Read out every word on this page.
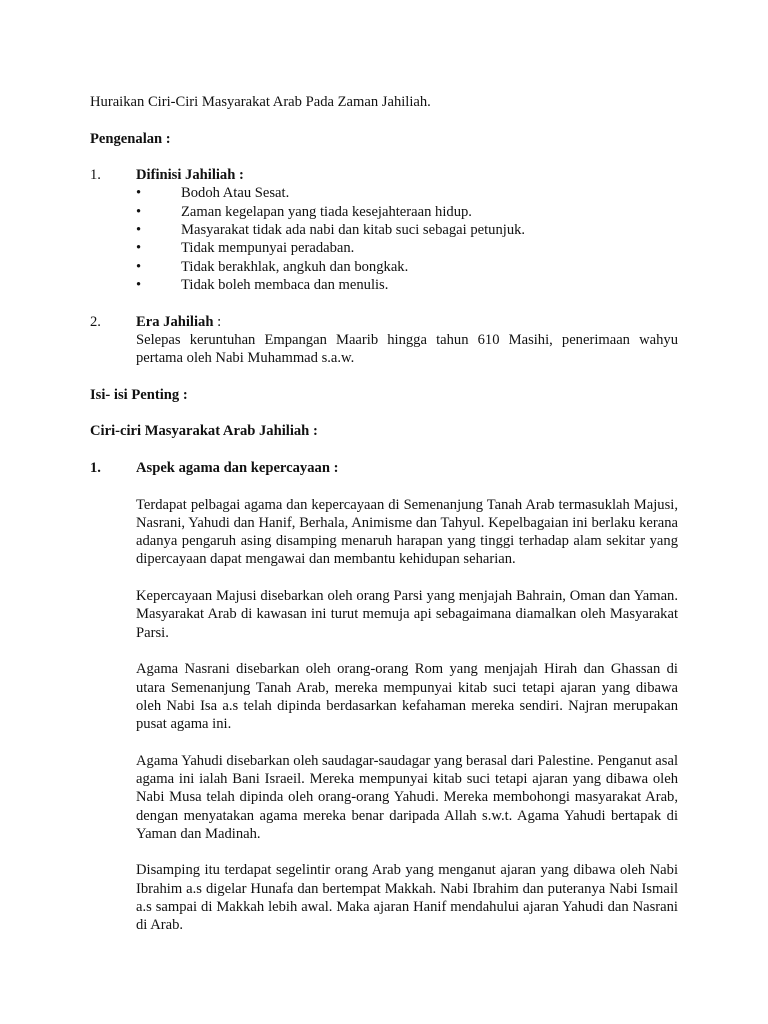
Huraikan Ciri-Ciri Masyarakat Arab Pada Zaman Jahiliah.
Pengenalan :
1.	Difinisi Jahiliah :
•	Bodoh Atau Sesat.
•	Zaman kegelapan yang tiada kesejahteraan hidup.
•	Masyarakat tidak ada nabi dan kitab suci sebagai petunjuk.
•	Tidak mempunyai peradaban.
•	Tidak berakhlak, angkuh dan bongkak.
•	Tidak boleh membaca dan menulis.
2.	Era Jahiliah :
Selepas keruntuhan Empangan Maarib hingga tahun 610 Masihi, penerimaan wahyu pertama oleh Nabi Muhammad s.a.w.
Isi- isi Penting :
Ciri-ciri Masyarakat Arab Jahiliah :
1.	Aspek agama dan kepercayaan :
Terdapat pelbagai agama dan kepercayaan di Semenanjung Tanah Arab termasuklah Majusi, Nasrani, Yahudi dan Hanif, Berhala, Animisme dan Tahyul. Kepelbagaian ini berlaku kerana adanya pengaruh asing disamping menaruh harapan yang tinggi terhadap alam sekitar yang dipercayaan dapat mengawai dan membantu kehidupan seharian.
Kepercayaan Majusi disebarkan oleh orang Parsi yang menjajah Bahrain, Oman dan Yaman. Masyarakat Arab di kawasan ini turut memuja api sebagaimana diamalkan oleh Masyarakat Parsi.
Agama Nasrani disebarkan oleh orang-orang Rom yang menjajah Hirah dan Ghassan di utara Semenanjung Tanah Arab, mereka mempunyai kitab suci tetapi ajaran yang dibawa oleh Nabi Isa a.s telah dipinda berdasarkan kefahaman mereka sendiri. Najran merupakan pusat agama ini.
Agama Yahudi disebarkan oleh saudagar-saudagar yang berasal dari Palestine. Penganut asal agama ini ialah Bani Israeil. Mereka mempunyai kitab suci tetapi ajaran yang dibawa oleh Nabi Musa telah dipinda oleh orang-orang Yahudi. Mereka membohongi masyarakat Arab, dengan menyatakan agama mereka benar daripada Allah s.w.t. Agama Yahudi bertapak di Yaman dan Madinah.
Disamping itu terdapat segelintir orang Arab yang menganut ajaran yang dibawa oleh Nabi Ibrahim a.s digelar Hunafa dan bertempat Makkah. Nabi Ibrahim dan puteranya Nabi Ismail a.s sampai di Makkah lebih awal. Maka ajaran Hanif mendahului ajaran Yahudi dan Nasrani di Arab.
